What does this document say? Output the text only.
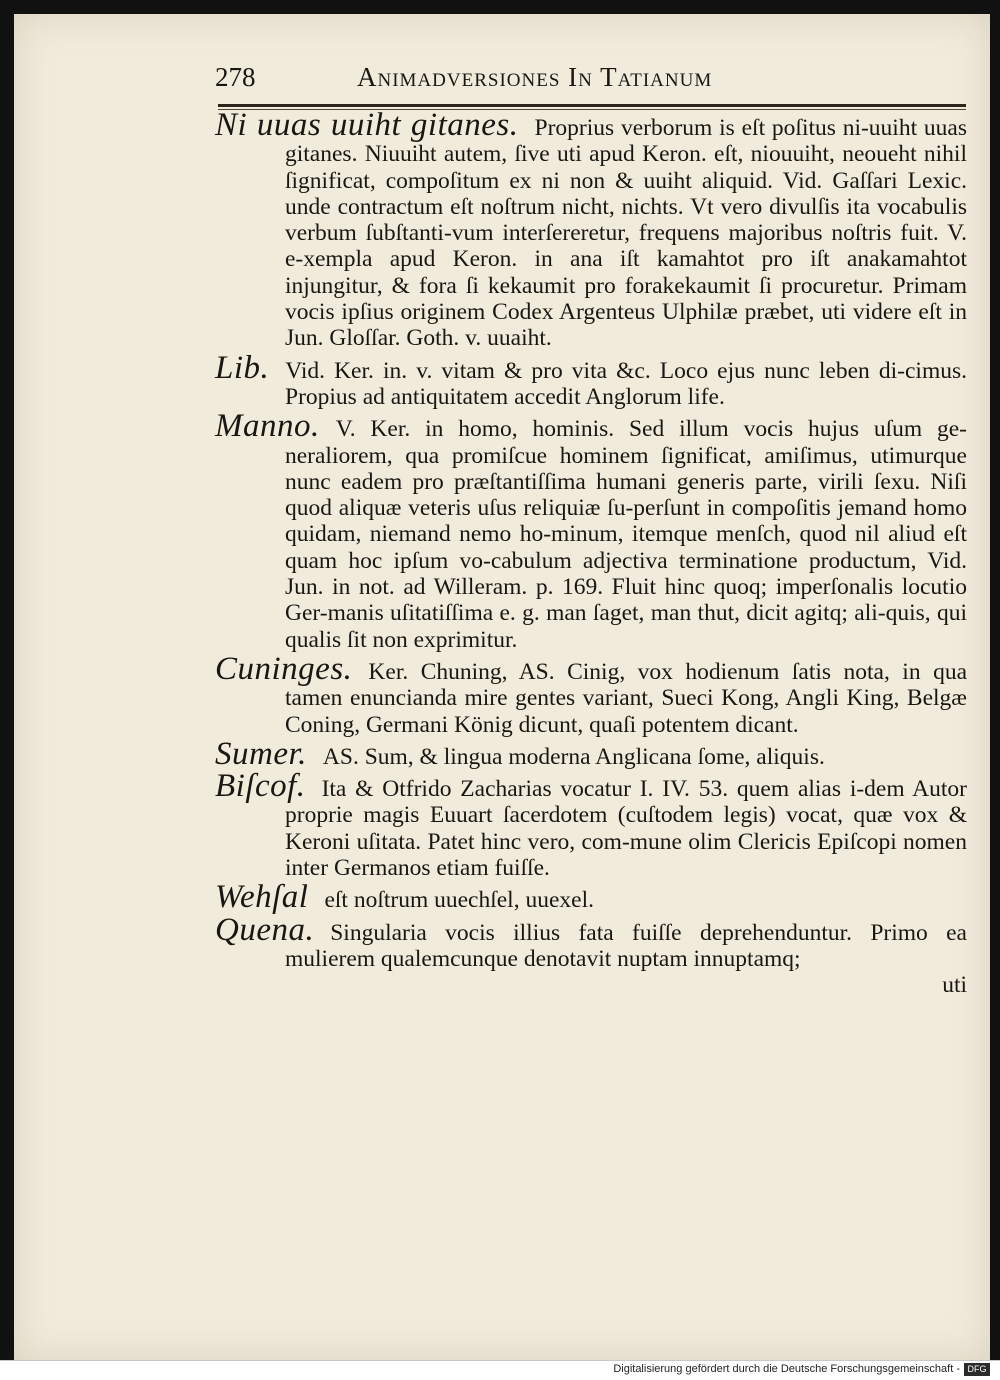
278	Animadversiones In Tatianum
Ni uuas uuiht gitanes. Proprius verborum is eſt poſitus ni-uuiht uuas gitanes. Niuuiht autem, ſive uti apud Keron. eſt, niouuiht, neoueht nihil ſignificat, compoſitum ex ni non & uuiht aliquid. Vid. Gaſſari Lexic. unde contractum eſt noſtrum nicht, nichts. Vt vero divulſis ita vocabulis verbum ſubſtanti-vum interſereretur, frequens majoribus noſtris fuit. V. e-xempla apud Keron. in ana iſt kamahtot pro iſt anakamahtot injungitur, & fora ſi kekaumit pro forakekaumit ſi procuretur. Primam vocis ipſius originem Codex Argenteus Ulphilæ præbet, uti videre eſt in Jun. Gloſſar. Goth. v. uuaiht.
Lib. Vid. Ker. in. v. vitam & pro vita &c. Loco ejus nunc leben di-cimus. Propius ad antiquitatem accedit Anglorum life.
Manno. V. Ker. in homo, hominis. Sed illum vocis hujus uſum ge-neraliorem, qua promiſcue hominem ſignificat, amiſimus, utimurque nunc eadem pro præſtantiſſima humani generis parte, virili ſexu. Niſi quod aliquæ veteris uſus reliquiæ ſu-perſunt in compoſitis jemand homo quidam, niemand nemo ho-minum, itemque menſch, quod nil aliud eſt quam hoc ipſum vo-cabulum adjectiva terminatione productum, Vid. Jun. in not. ad Willeram. p. 169. Fluit hinc quoq; imperſonalis locutio Ger-manis uſitatiſſima e. g. man ſaget, man thut, dicit agitq; ali-quis, qui qualis ſit non exprimitur.
Cuninges. Ker. Chuning, AS. Cinig, vox hodienum ſatis nota, in qua tamen enuncianda mire gentes variant, Sueci Kong, Angli King, Belgæ Coning, Germani König dicunt, quaſi potentem dicant.
Sumer. AS. Sum, & lingua moderna Anglicana ſome, aliquis.
Biſcof. Ita & Otfrido Zacharias vocatur I. IV. 53. quem alias i-dem Autor proprie magis Euuart ſacerdotem (cuſtodem legis) vocat, quæ vox & Keroni uſitata. Patet hinc vero, com-mune olim Clericis Epiſcopi nomen inter Germanos etiam fuiſſe.
Wehſal eſt noſtrum uuechſel, uuexel.
Quena. Singularia vocis illius fata fuiſſe deprehenduntur. Primo ea mulierem qualemcunque denotavit nuptam innuptamq;
uti
Digitalisierung gefördert durch die Deutsche Forschungsgemeinschaft - DFG
